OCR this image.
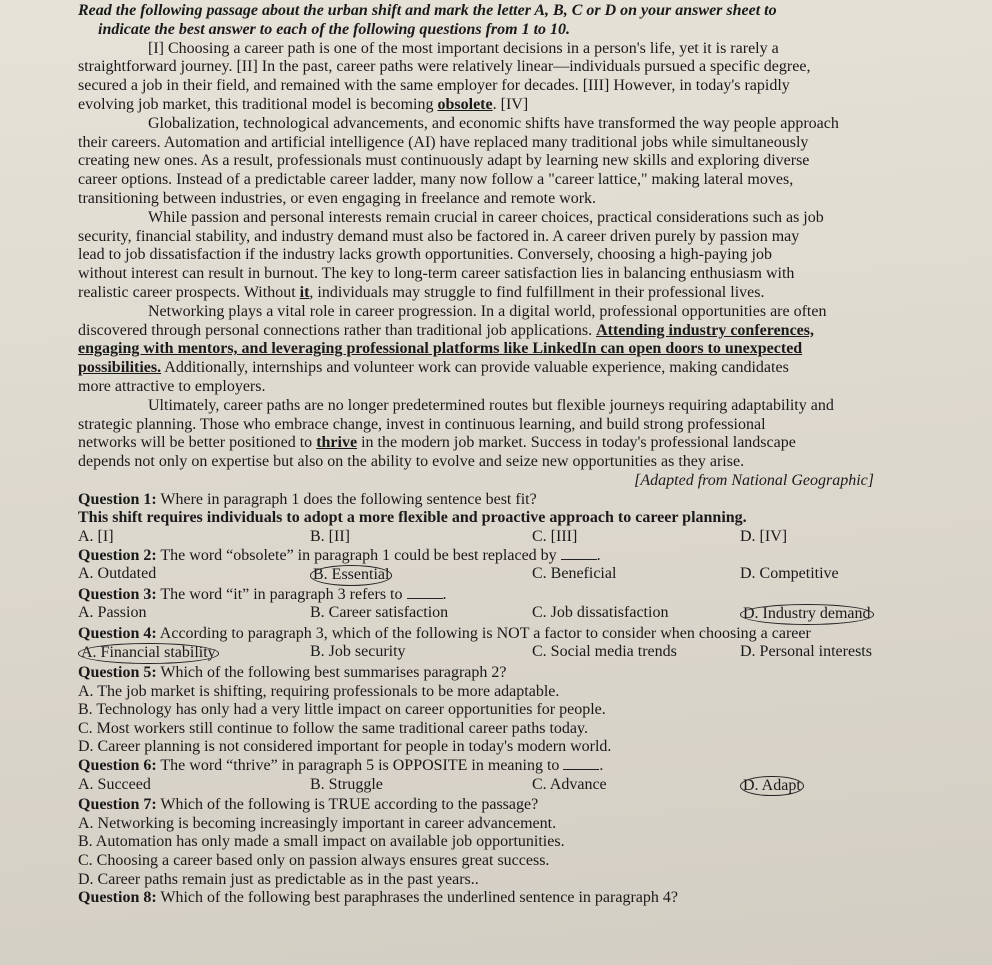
Read the following passage about the urban shift and mark the letter A, B, C or D on your answer sheet to
indicate the best answer to each of the following questions from 1 to 10.
[I] Choosing a career path is one of the most important decisions in a person's life, yet it is rarely a
straightforward journey. [II] In the past, career paths were relatively linear—individuals pursued a specific degree,
secured a job in their field, and remained with the same employer for decades. [III] However, in today's rapidly
evolving job market, this traditional model is becoming obsolete. [IV]
Globalization, technological advancements, and economic shifts have transformed the way people approach
their careers. Automation and artificial intelligence (AI) have replaced many traditional jobs while simultaneously
creating new ones. As a result, professionals must continuously adapt by learning new skills and exploring diverse
career options. Instead of a predictable career ladder, many now follow a "career lattice," making lateral moves,
transitioning between industries, or even engaging in freelance and remote work.
While passion and personal interests remain crucial in career choices, practical considerations such as job
security, financial stability, and industry demand must also be factored in. A career driven purely by passion may
lead to job dissatisfaction if the industry lacks growth opportunities. Conversely, choosing a high-paying job
without interest can result in burnout. The key to long-term career satisfaction lies in balancing enthusiasm with
realistic career prospects. Without it, individuals may struggle to find fulfillment in their professional lives.
Networking plays a vital role in career progression. In a digital world, professional opportunities are often
discovered through personal connections rather than traditional job applications. Attending industry conferences,
engaging with mentors, and leveraging professional platforms like LinkedIn can open doors to unexpected
possibilities. Additionally, internships and volunteer work can provide valuable experience, making candidates
more attractive to employers.
Ultimately, career paths are no longer predetermined routes but flexible journeys requiring adaptability and
strategic planning. Those who embrace change, invest in continuous learning, and build strong professional
networks will be better positioned to thrive in the modern job market. Success in today's professional landscape
depends not only on expertise but also on the ability to evolve and seize new opportunities as they arise.
[Adapted from National Geographic]
Question 1: Where in paragraph 1 does the following sentence best fit?
This shift requires individuals to adopt a more flexible and proactive approach to career planning.
A. [I]	B. [II]	C. [III]	D. [IV]
Question 2: The word “obsolete” in paragraph 1 could be best replaced by	.
A. Outdated	B. Essential	C. Beneficial	D. Competitive
Question 3: The word “it” in paragraph 3 refers to	.
A. Passion	B. Career satisfaction	C. Job dissatisfaction	D. Industry demand
Question 4: According to paragraph 3, which of the following is NOT a factor to consider when choosing a career
A. Financial stability	B. Job security	C. Social media trends	D. Personal interests
Question 5: Which of the following best summarises paragraph 2?
A. The job market is shifting, requiring professionals to be more adaptable.
B. Technology has only had a very little impact on career opportunities for people.
C. Most workers still continue to follow the same traditional career paths today.
D. Career planning is not considered important for people in today's modern world.
Question 6: The word “thrive” in paragraph 5 is OPPOSITE in meaning to	.
A. Succeed	B. Struggle	C. Advance	D. Adapt
Question 7: Which of the following is TRUE according to the passage?
A. Networking is becoming increasingly important in career advancement.
B. Automation has only made a small impact on available job opportunities.
C. Choosing a career based only on passion always ensures great success.
D. Career paths remain just as predictable as in the past years..
Question 8: Which of the following best paraphrases the underlined sentence in paragraph 4?
